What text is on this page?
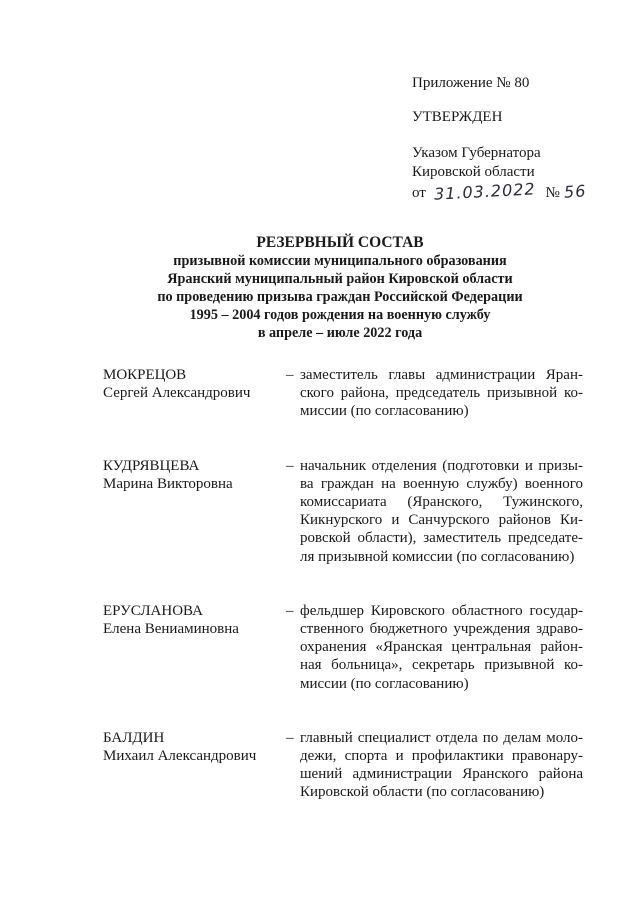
Приложение № 80
УТВЕРЖДЕН
Указом Губернатора
Кировской области
от 31.03.2022 № 56
РЕЗЕРВНЫЙ СОСТАВ
призывной комиссии муниципального образования
Яранский муниципальный район Кировской области
по проведению призыва граждан Российской Федерации
1995 – 2004 годов рождения на военную службу
в апреле – июле 2022 года
МОКРЕЦОВ
Сергей Александрович
– заместитель главы администрации Яранского района, председатель призывной комиссии (по согласованию)
КУДРЯВЦЕВА
Марина Викторовна
– начальник отделения (подготовки и призыва граждан на военную службу) военного комиссариата (Яранского, Тужинского, Кикнурского и Санчурского районов Кировской области), заместитель председателя призывной комиссии (по согласованию)
ЕРУСЛАНОВА
Елена Вениаминовна
– фельдшер Кировского областного государственного бюджетного учреждения здравоохранения «Яранская центральная районная больница», секретарь призывной комиссии (по согласованию)
БАЛДИН
Михаил Александрович
– главный специалист отдела по делам молодежи, спорта и профилактики правонарушений администрации Яранского района Кировской области (по согласованию)
